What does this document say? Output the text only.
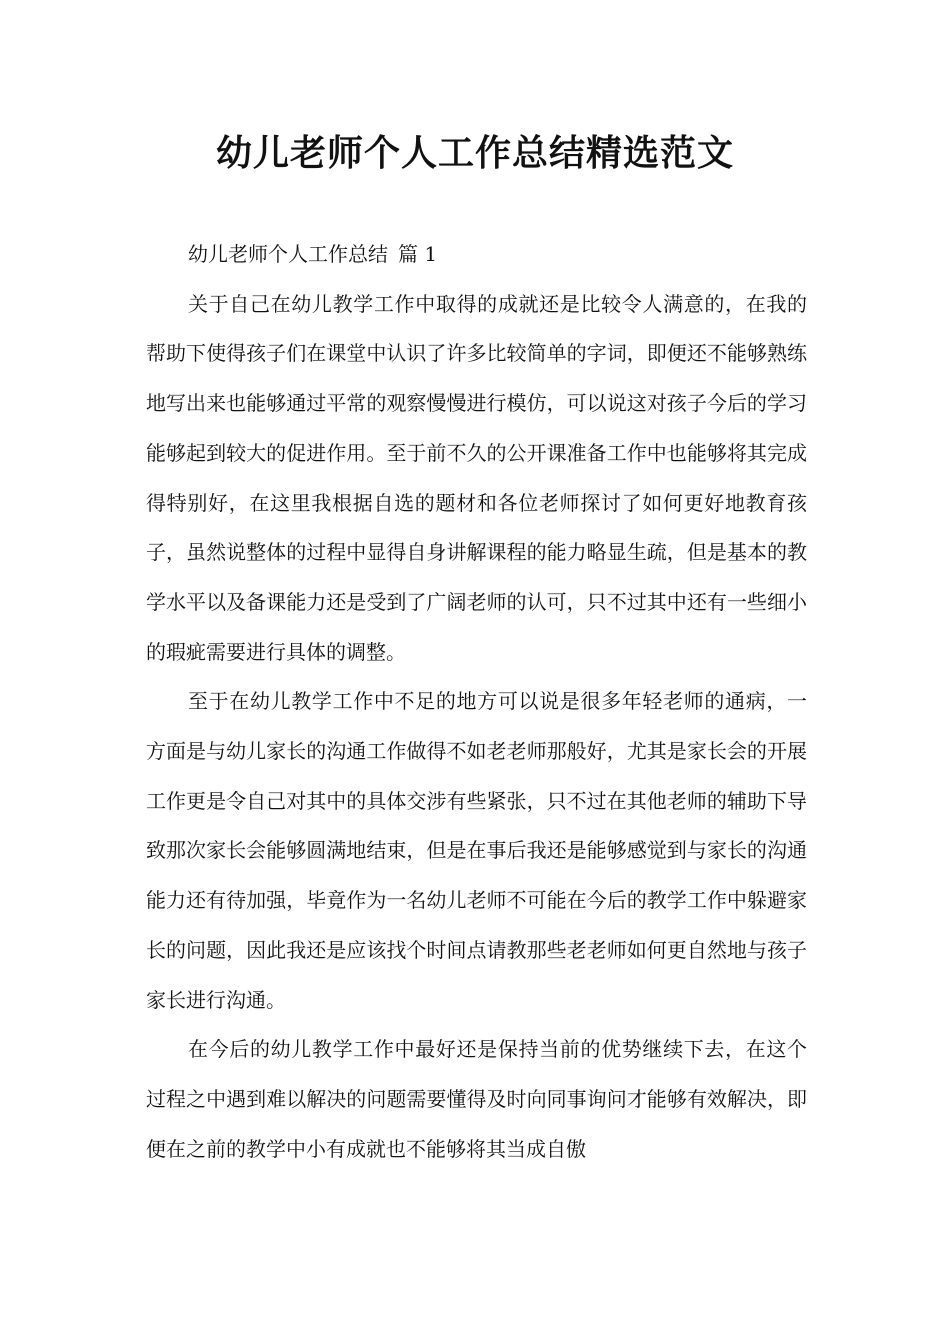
幼儿老师个人工作总结精选范文

幼儿老师个人工作总结 篇 1

关于自己在幼儿教学工作中取得的成就还是比较令人满意的，在我的帮助下使得孩子们在课堂中认识了许多比较简单的字词，即便还不能够熟练地写出来也能够通过平常的观察慢慢进行模仿，可以说这对孩子今后的学习能够起到较大的促进作用。至于前不久的公开课准备工作中也能够将其完成得特别好，在这里我根据自选的题材和各位老师探讨了如何更好地教育孩子，虽然说整体的过程中显得自身讲解课程的能力略显生疏，但是基本的教学水平以及备课能力还是受到了广阔老师的认可，只不过其中还有一些细小的瑕疵需要进行具体的调整。

至于在幼儿教学工作中不足的地方可以说是很多年轻老师的通病，一方面是与幼儿家长的沟通工作做得不如老老师那般好，尤其是家长会的开展工作更是令自己对其中的具体交涉有些紧张，只不过在其他老师的辅助下导致那次家长会能够圆满地结束，但是在事后我还是能够感觉到与家长的沟通能力还有待加强，毕竟作为一名幼儿老师不可能在今后的教学工作中躲避家长的问题，因此我还是应该找个时间点请教那些老老师如何更自然地与孩子家长进行沟通。

在今后的幼儿教学工作中最好还是保持当前的优势继续下去，在这个过程之中遇到难以解决的问题需要懂得及时向同事询问才能够有效解决，即便在之前的教学中小有成就也不能够将其当成自傲
